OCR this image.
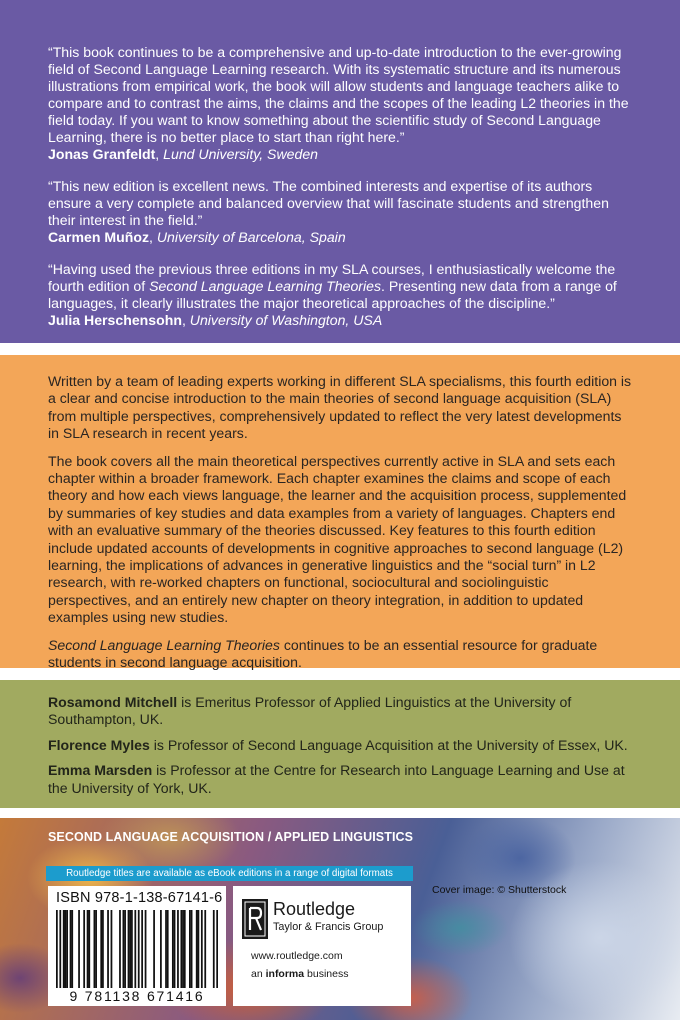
“This book continues to be a comprehensive and up-to-date introduction to the ever-growing field of Second Language Learning research. With its systematic structure and its numerous illustrations from empirical work, the book will allow students and language teachers alike to compare and to contrast the aims, the claims and the scopes of the leading L2 theories in the field today. If you want to know something about the scientific study of Second Language Learning, there is no better place to start than right here.”

Jonas Granfeldt, Lund University, Sweden

“This new edition is excellent news. The combined interests and expertise of its authors ensure a very complete and balanced overview that will fascinate students and strengthen their interest in the field.”

Carmen Muñoz, University of Barcelona, Spain

“Having used the previous three editions in my SLA courses, I enthusiastically welcome the fourth edition of Second Language Learning Theories. Presenting new data from a range of languages, it clearly illustrates the major theoretical approaches of the discipline.”

Julia Herschensohn, University of Washington, USA

Written by a team of leading experts working in different SLA specialisms, this fourth edition is a clear and concise introduction to the main theories of second language acquisition (SLA) from multiple perspectives, comprehensively updated to reflect the very latest developments in SLA research in recent years.

The book covers all the main theoretical perspectives currently active in SLA and sets each chapter within a broader framework. Each chapter examines the claims and scope of each theory and how each views language, the learner and the acquisition process, supplemented by summaries of key studies and data examples from a variety of languages. Chapters end with an evaluative summary of the theories discussed. Key features to this fourth edition include updated accounts of developments in cognitive approaches to second language (L2) learning, the implications of advances in generative linguistics and the “social turn” in L2 research, with re-worked chapters on functional, sociocultural and sociolinguistic perspectives, and an entirely new chapter on theory integration, in addition to updated examples using new studies.

Second Language Learning Theories continues to be an essential resource for graduate students in second language acquisition.

Rosamond Mitchell is Emeritus Professor of Applied Linguistics at the University of Southampton, UK.

Florence Myles is Professor of Second Language Acquisition at the University of Essex, UK.

Emma Marsden is Professor at the Centre for Research into Language Learning and Use at the University of York, UK.

SECOND LANGUAGE ACQUISITION / APPLIED LINGUISTICS
Routledge titles are available as eBook editions in a range of digital formats
ISBN 978-1-138-67141-6
9 781138 671416
Routledge
Taylor & Francis Group
www.routledge.com
an informa business
Cover image: © Shutterstock
